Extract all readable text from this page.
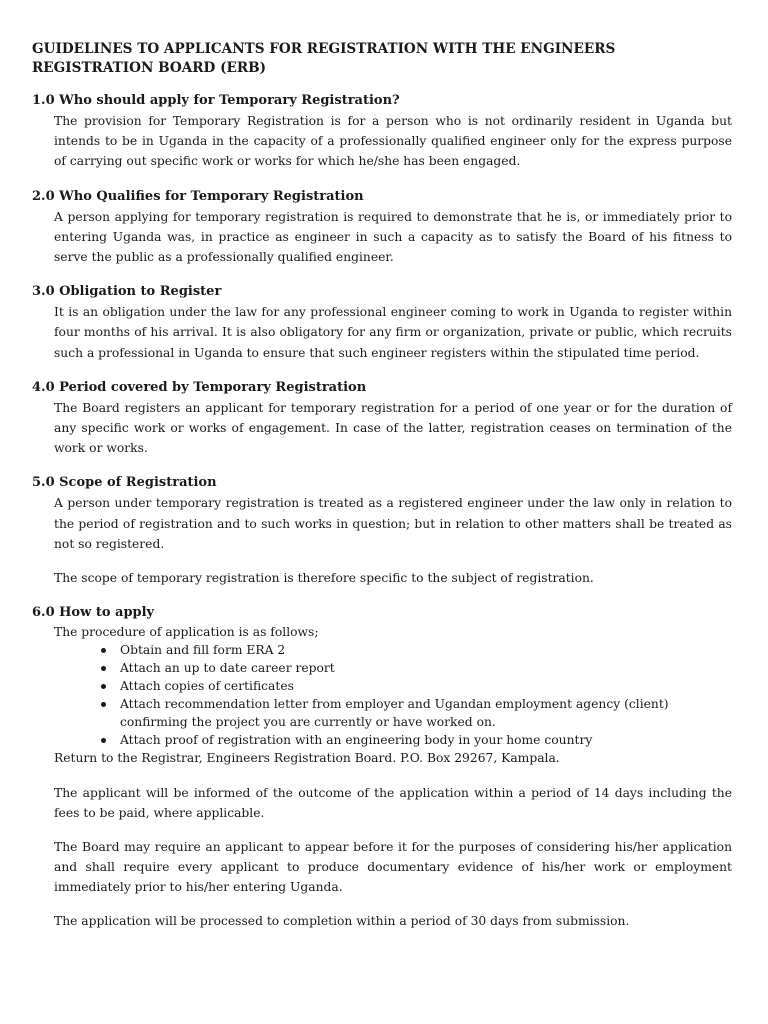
GUIDELINES TO APPLICANTS FOR REGISTRATION WITH THE ENGINEERS REGISTRATION BOARD (ERB)
1.0 Who should apply for Temporary Registration?

The provision for Temporary Registration is for a person who is not ordinarily resident in Uganda but intends to be in Uganda in the capacity of a professionally qualified engineer only for the express purpose of carrying out specific work or works for which he/she has been engaged.

2.0 Who Qualifies for Temporary Registration

A person applying for temporary registration is required to demonstrate that he is, or immediately prior to entering Uganda was, in practice as engineer in such a capacity as to satisfy the Board of his fitness to serve the public as a professionally qualified engineer.

3.0 Obligation to Register

It is an obligation under the law for any professional engineer coming to work in Uganda to register within four months of his arrival. It is also obligatory for any firm or organization, private or public, which recruits such a professional in Uganda to ensure that such engineer registers within the stipulated time period.

4.0 Period covered by Temporary Registration

The Board registers an applicant for temporary registration for a period of one year or for the duration of any specific work or works of engagement. In case of the latter, registration ceases on termination of the work or works.

5.0 Scope of Registration

A person under temporary registration is treated as a registered engineer under the law only in relation to the period of registration and to such works in question; but in relation to other matters shall be treated as not so registered.

The scope of temporary registration is therefore specific to the subject of registration.

6.0 How to apply

The procedure of application is as follows;

Obtain and fill form ERA 2
Attach an up to date career report
Attach copies of certificates
Attach recommendation letter from employer and Ugandan employment agency (client) confirming the project you are currently or have worked on.
Attach proof of registration with an engineering body in your home country

Return to the Registrar, Engineers Registration Board. P.O. Box 29267, Kampala.

The applicant will be informed of the outcome of the application within a period of 14 days including the fees to be paid, where applicable.

The Board may require an applicant to appear before it for the purposes of considering his/her application and shall require every applicant to produce documentary evidence of his/her work or employment immediately prior to his/her entering Uganda.

The application will be processed to completion within a period of 30 days from submission.
